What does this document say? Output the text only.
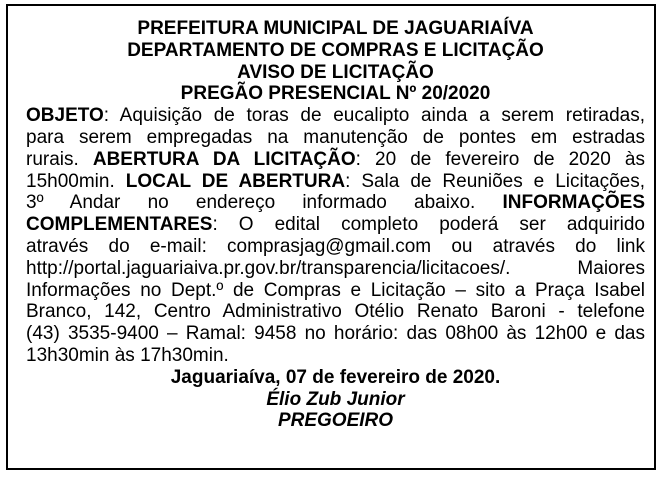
PREFEITURA MUNICIPAL DE JAGUARIAÍVA
DEPARTAMENTO DE COMPRAS E LICITAÇÃO
AVISO DE LICITAÇÃO
PREGÃO PRESENCIAL Nº 20/2020
OBJETO: Aquisição de toras de eucalipto ainda a serem retiradas,
para serem empregadas na manutenção de pontes em estradas
rurais. ABERTURA DA LICITAÇÃO: 20 de fevereiro de 2020 às
15h00min. LOCAL DE ABERTURA: Sala de Reuniões e Licitações,
3º Andar no endereço informado abaixo. INFORMAÇÕES
COMPLEMENTARES: O edital completo poderá ser adquirido
através do e-mail: comprasjag@gmail.com ou através do link
http://portal.jaguariaiva.pr.gov.br/transparencia/licitacoes/. Maiores
Informações no Dept.º de Compras e Licitação – sito a Praça Isabel
Branco, 142, Centro Administrativo Otélio Renato Baroni - telefone
(43) 3535-9400 – Ramal: 9458 no horário: das 08h00 às 12h00 e das
13h30min às 17h30min.
Jaguariaíva, 07 de fevereiro de 2020.
Élio Zub Junior
PREGOEIRO
